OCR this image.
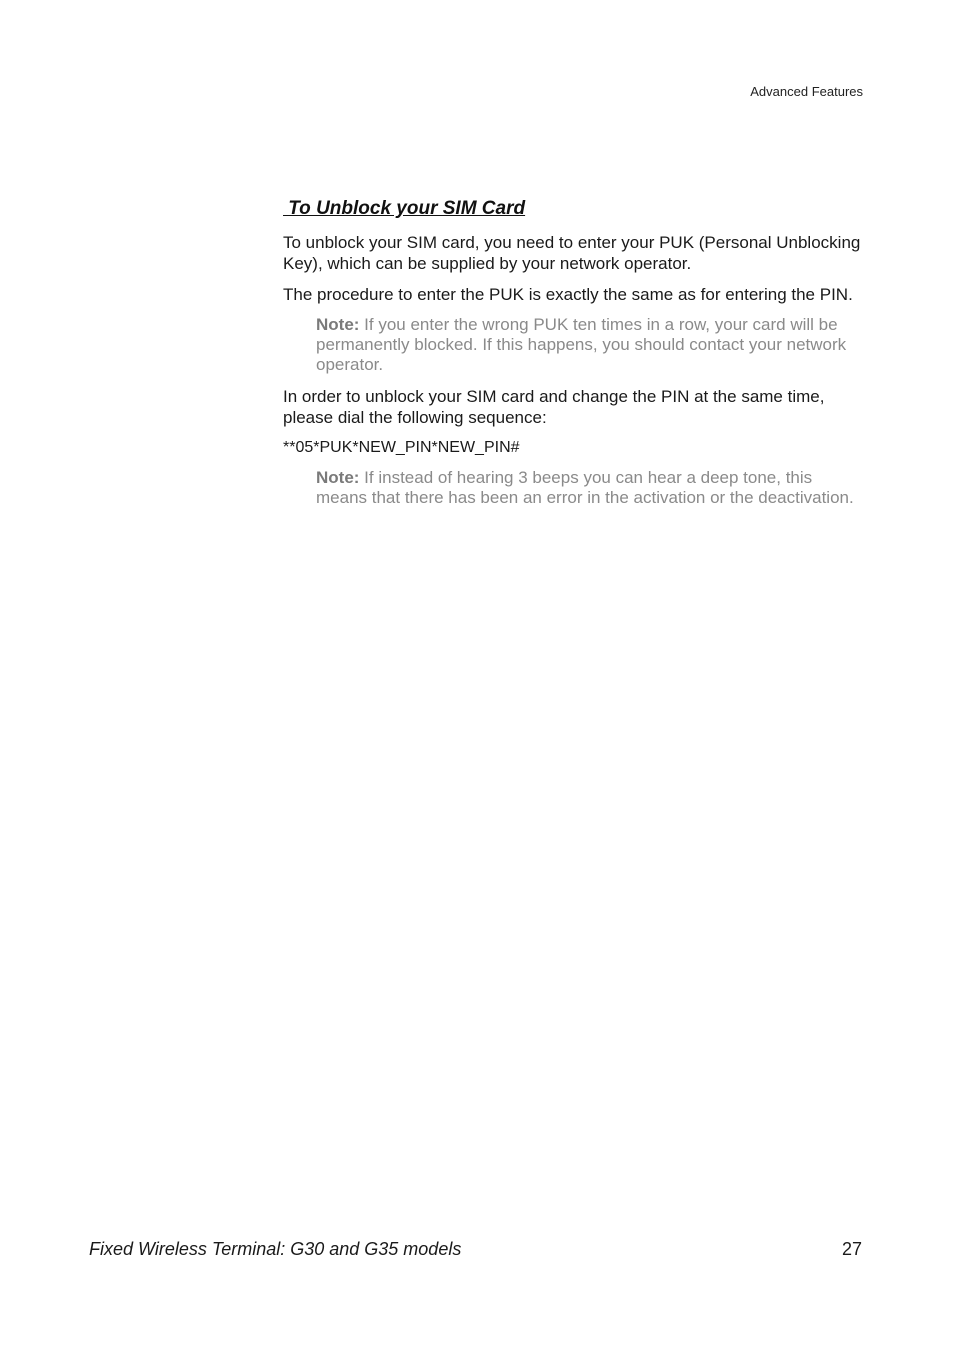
Advanced Features
To Unblock your SIM Card

To unblock your SIM card, you need to enter your PUK (Personal Unblocking Key), which can be supplied by your network operator.

The procedure to enter the PUK is exactly the same as for entering the PIN.

Note: If you enter the wrong PUK ten times in a row, your card will be permanently blocked. If this happens, you should contact your network operator.

In order to unblock your SIM card and change the PIN at the same time, please dial the following sequence:

**05*PUK*NEW_PIN*NEW_PIN#

Note: If instead of hearing 3 beeps you can hear a deep tone, this means that there has been an error in the activation or the deactivation.

Fixed Wireless Terminal: G30 and G35 models	27
